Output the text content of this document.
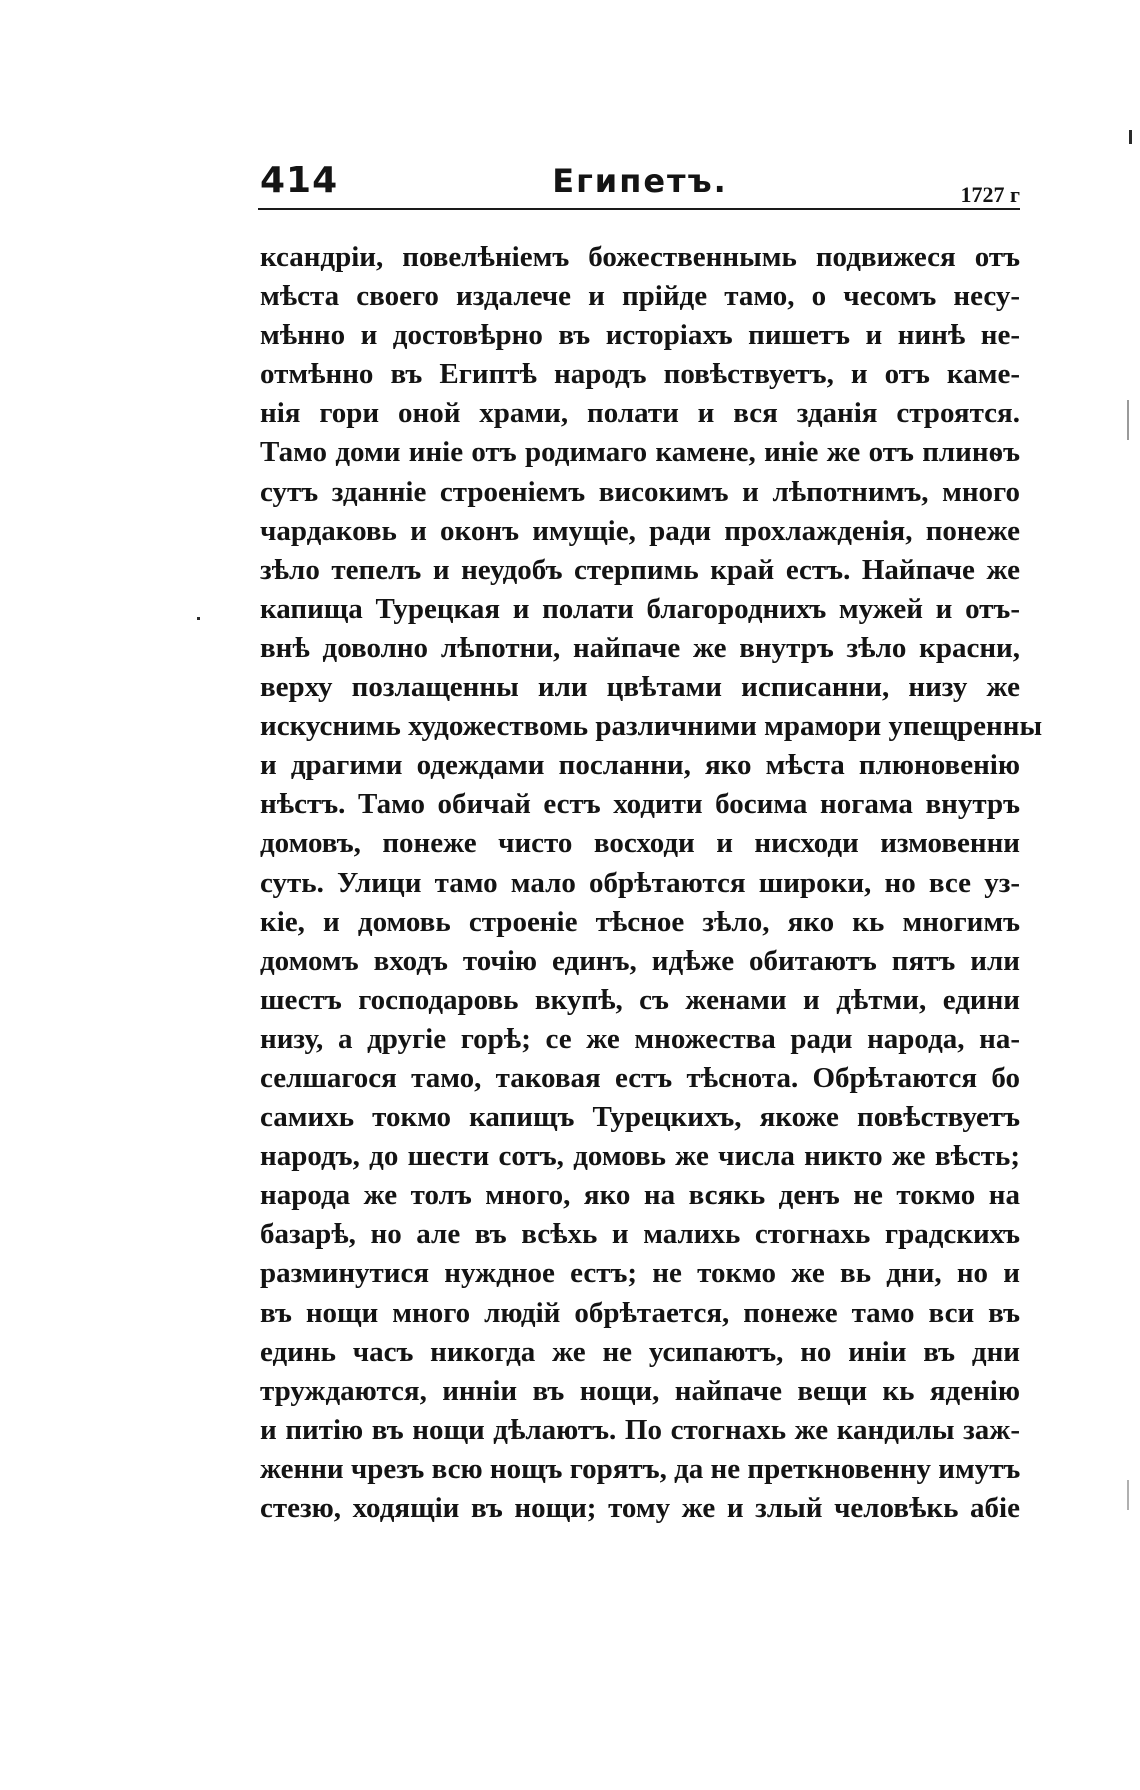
414	Египетъ.	1727 г
ксандріи, повелѣніемъ божественнымь подвижеся отъ
мѣста своего издалече и прійде тамо, о чесомъ несу-
мѣнно и достовѣрно въ исторіахъ пишетъ и нинѣ не-
отмѣнно въ Египтѣ народъ повѣствуетъ, и отъ каме-
нія гори оной храми, полати и вся зданія строятся.
Тамо доми иніе отъ родимаго камене, иніе же отъ плинѳъ
сутъ зданніе строеніемъ високимъ и лѣпотнимъ, много
чардаковь и оконъ имущіе, ради прохлажденія, понеже
зѣло тепелъ и неудобъ стерпимь край естъ. Найпаче же
капища Турецкая и полати благороднихъ мужей и отъ-
внѣ доволно лѣпотни, найпаче же внутръ зѣло красни,
верху позлащенны или цвѣтами исписанни, низу же
искуснимь художествомь различними мрамори упещренны
и драгими одеждами посланни, яко мѣста плюновенію
нѣстъ. Тамо обичай естъ ходити босима ногама внутръ
домовъ, понеже чисто восходи и нисходи измовенни
суть. Улици тамо мало обрѣтаются широки, но все уз-
кіе, и домовь строеніе тѣсное зѣло, яко кь многимъ
домомъ входъ точію единъ, идѣже обитаютъ пятъ или
шестъ господаровь вкупѣ, съ женами и дѣтми, едини
низу, а другіе горѣ; се же множества ради народа, на-
селшагося тамо, таковая естъ тѣснота. Обрѣтаются бо
самихь токмо капищъ Турецкихъ, якоже повѣствуетъ
народъ, до шести сотъ, домовь же числа никто же вѣсть;
народа же толъ много, яко на всякь денъ не токмо на
базарѣ, но але въ всѣхь и малихь стогнахь градскихъ
разминутися нуждное естъ; не токмо же вь дни, но и
въ нощи много людій обрѣтается, понеже тамо вси въ
единь часъ никогда же не усипаютъ, но иніи въ дни
труждаются, инніи въ нощи, найпаче вещи кь яденію
и питію въ нощи дѣлаютъ. По стогнахь же кандилы заж-
женни чрезъ всю нощъ горятъ, да не преткновенну имутъ
стезю, ходящіи въ нощи; тому же и злый человѣкь абіе
